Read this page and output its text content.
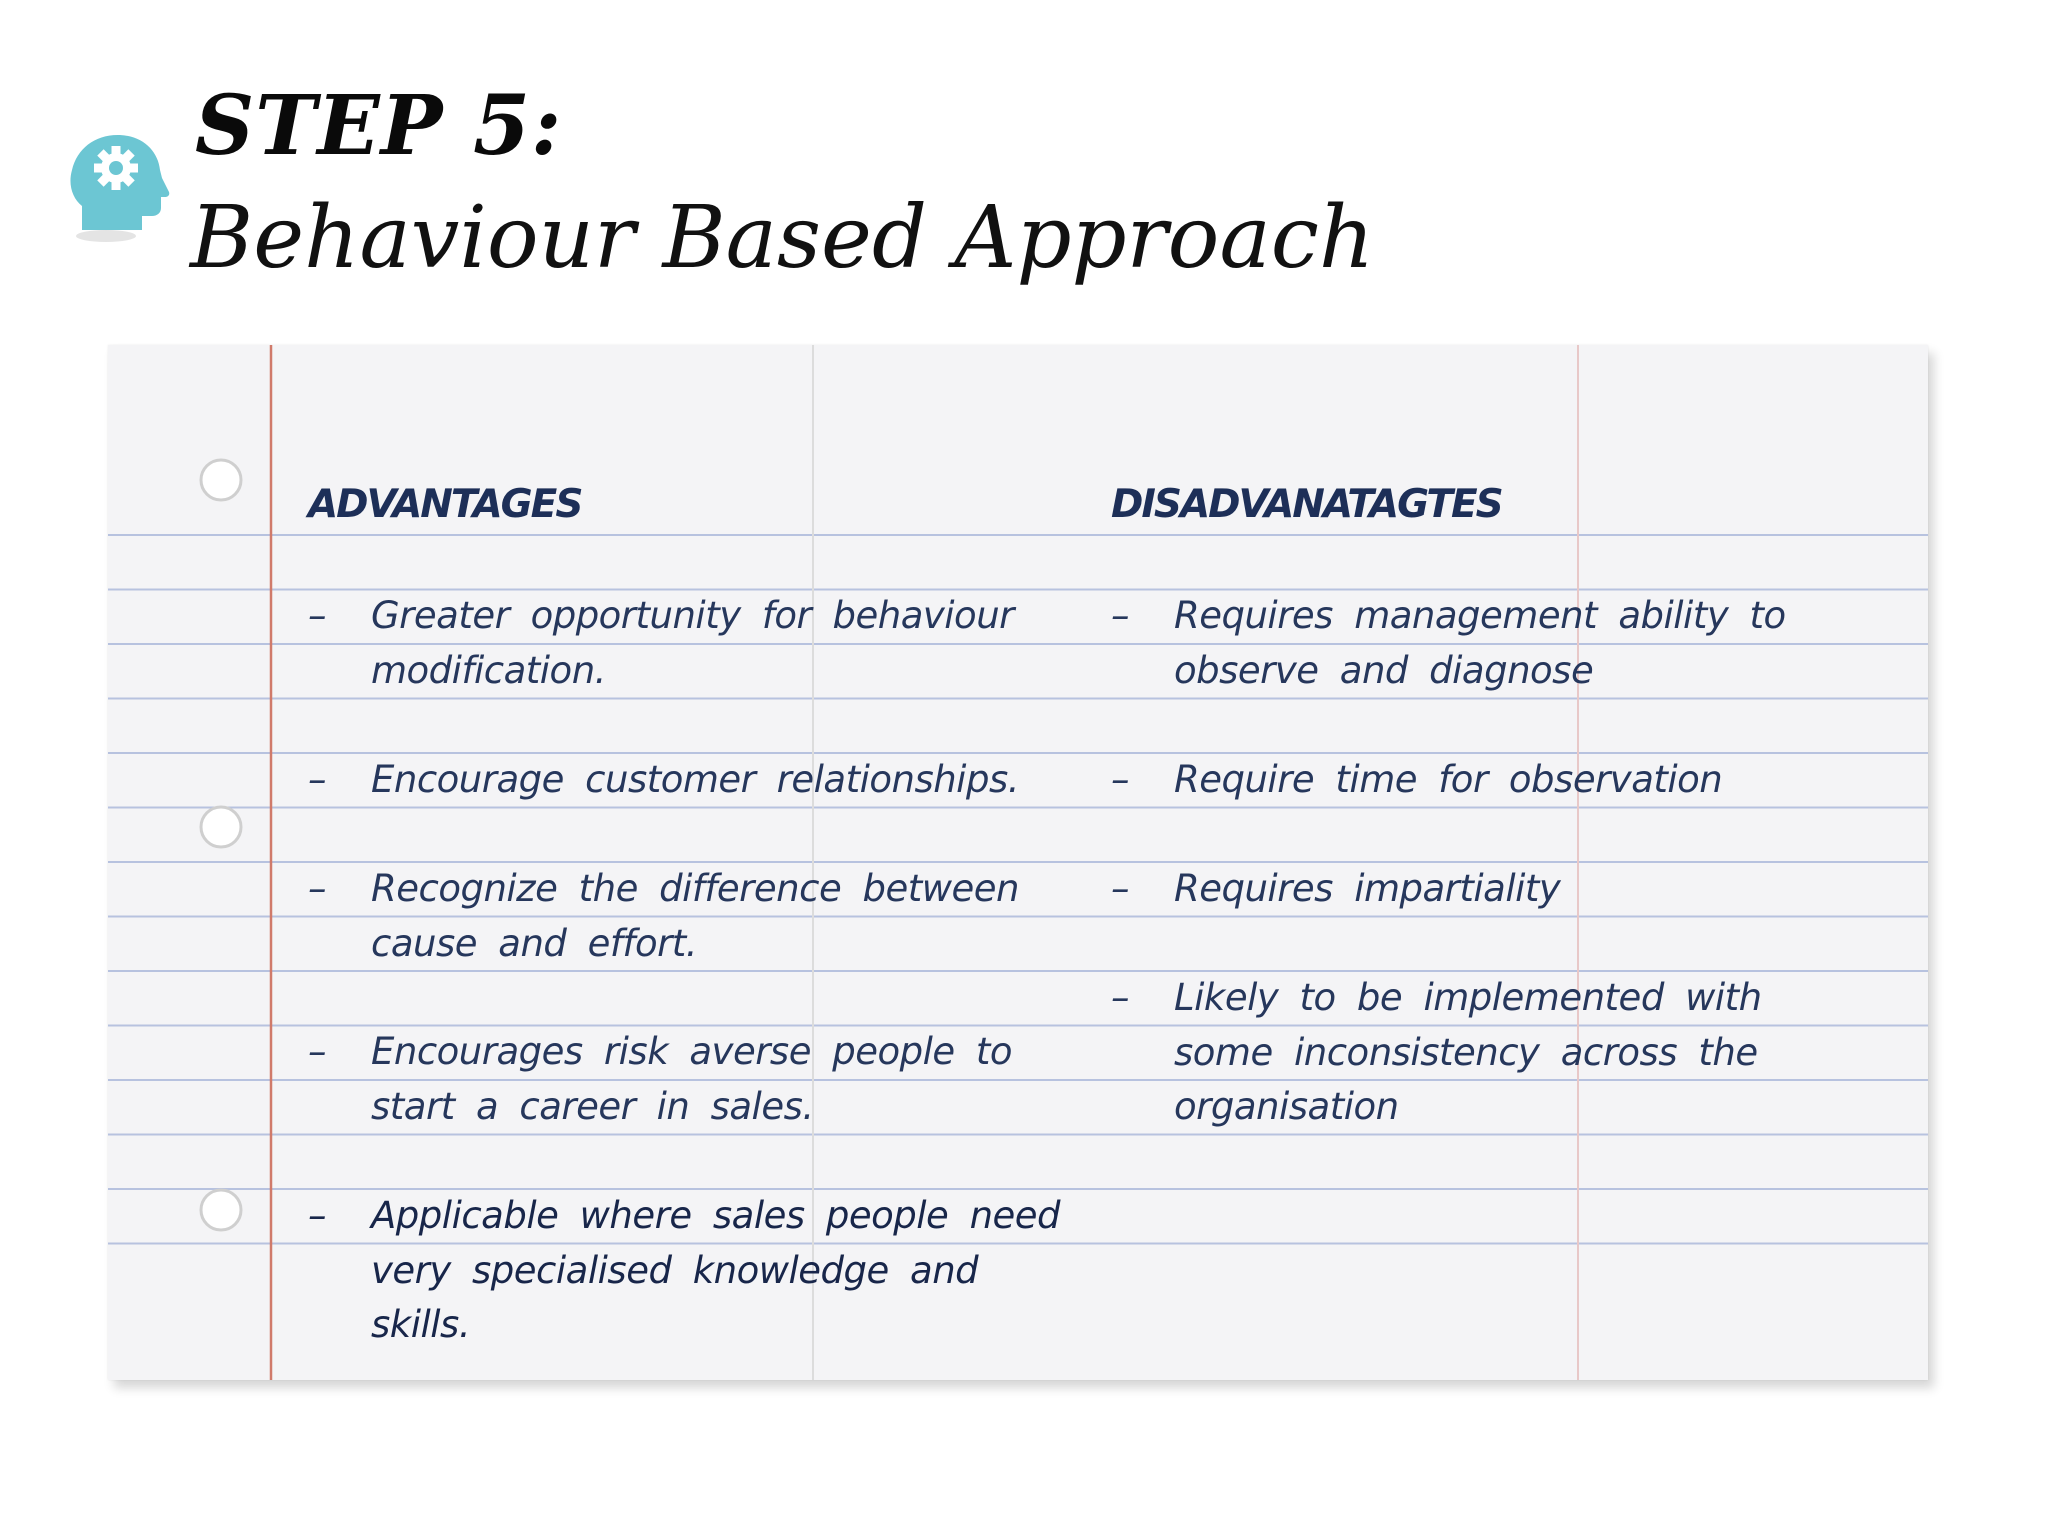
STEP 5:
Behaviour Based Approach
ADVANTAGES
–	Greater opportunity for behaviour modification.
–	Encourage customer relationships.
–	Recognize the difference between cause and effort.
–	Encourages risk averse people to start a career in sales.
–	Applicable where sales people need very specialised knowledge and skills.
DISADVANATAGTES
–	Requires management ability to observe and diagnose
–	Require time for observation
–	Requires impartiality
–	Likely to be implemented with some inconsistency across the organisation
